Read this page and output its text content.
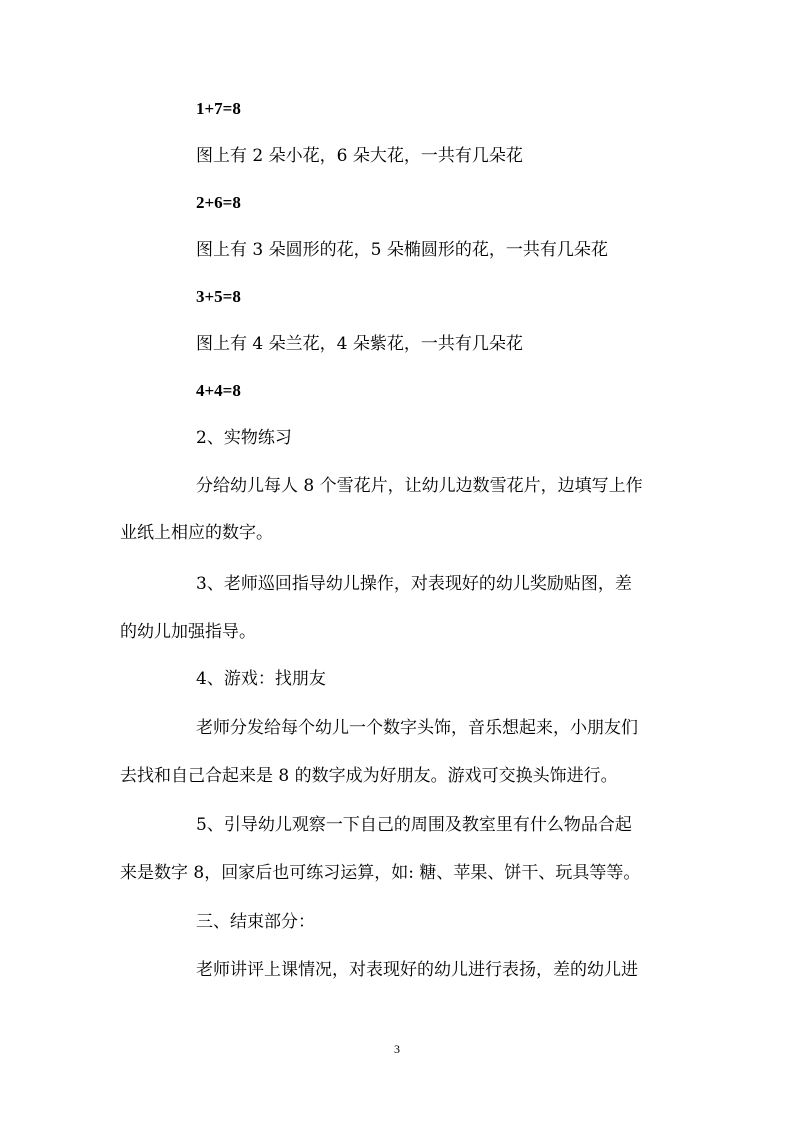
1+7=8
图上有 2 朵小花，6 朵大花，一共有几朵花
2+6=8
图上有 3 朵圆形的花，5 朵椭圆形的花，一共有几朵花
3+5=8
图上有 4 朵兰花，4 朵紫花，一共有几朵花
4+4=8
2、实物练习
分给幼儿每人 8 个雪花片，让幼儿边数雪花片，边填写上作
业纸上相应的数字。
3、老师巡回指导幼儿操作，对表现好的幼儿奖励贴图，差
的幼儿加强指导。
4、游戏：找朋友
老师分发给每个幼儿一个数字头饰，音乐想起来，小朋友们
去找和自己合起来是 8 的数字成为好朋友。游戏可交换头饰进行。
5、引导幼儿观察一下自己的周围及教室里有什么物品合起
来是数字 8，回家后也可练习运算，如: 糖、苹果、饼干、玩具等等。
三、结束部分：
老师讲评上课情况，对表现好的幼儿进行表扬，差的幼儿进
3
